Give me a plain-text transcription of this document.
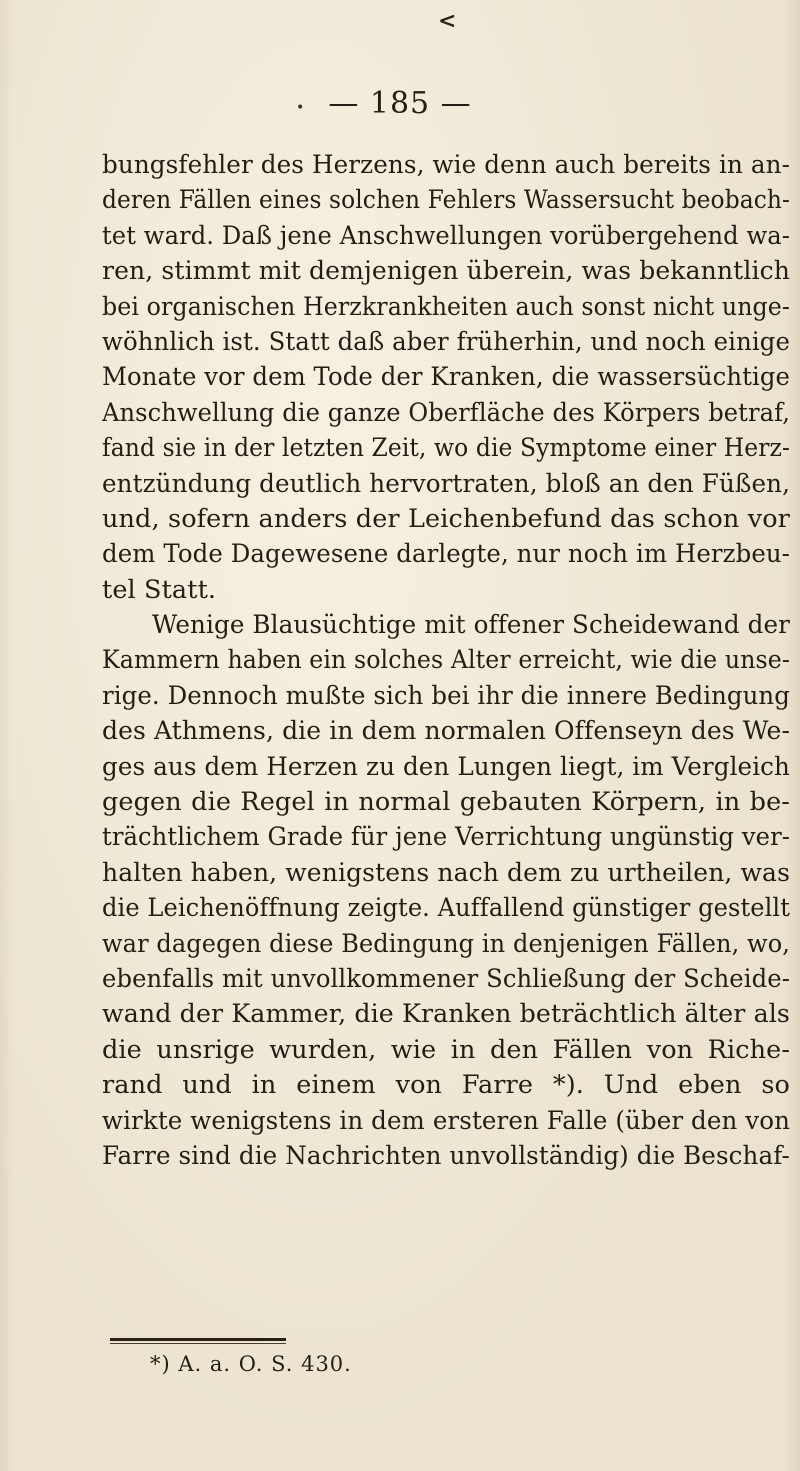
<
• — 185 —
bungsfehler des Herzens, wie denn auch bereits in an-
deren Fällen eines solchen Fehlers Wassersucht beobach-
tet ward. Daß jene Anschwellungen vorübergehend wa-
ren, stimmt mit demjenigen überein, was bekanntlich
bei organischen Herzkrankheiten auch sonst nicht unge-
wöhnlich ist. Statt daß aber früherhin, und noch einige
Monate vor dem Tode der Kranken, die wassersüchtige
Anschwellung die ganze Oberfläche des Körpers betraf,
fand sie in der letzten Zeit, wo die Symptome einer Herz-
entzündung deutlich hervortraten, bloß an den Füßen,
und, sofern anders der Leichenbefund das schon vor
dem Tode Dagewesene darlegte, nur noch im Herzbeu-
tel Statt.
Wenige Blausüchtige mit offener Scheidewand der
Kammern haben ein solches Alter erreicht, wie die unse-
rige. Dennoch mußte sich bei ihr die innere Bedingung
des Athmens, die in dem normalen Offenseyn des We-
ges aus dem Herzen zu den Lungen liegt, im Vergleich
gegen die Regel in normal gebauten Körpern, in be-
trächtlichem Grade für jene Verrichtung ungünstig ver-
halten haben, wenigstens nach dem zu urtheilen, was
die Leichenöffnung zeigte. Auffallend günstiger gestellt
war dagegen diese Bedingung in denjenigen Fällen, wo,
ebenfalls mit unvollkommener Schließung der Scheide-
wand der Kammer, die Kranken beträchtlich älter als
die unsrige wurden, wie in den Fällen von Riche-
rand und in einem von Farre *). Und eben so
wirkte wenigstens in dem ersteren Falle (über den von
Farre sind die Nachrichten unvollständig) die Beschaf-
*) A. a. O. S. 430.
